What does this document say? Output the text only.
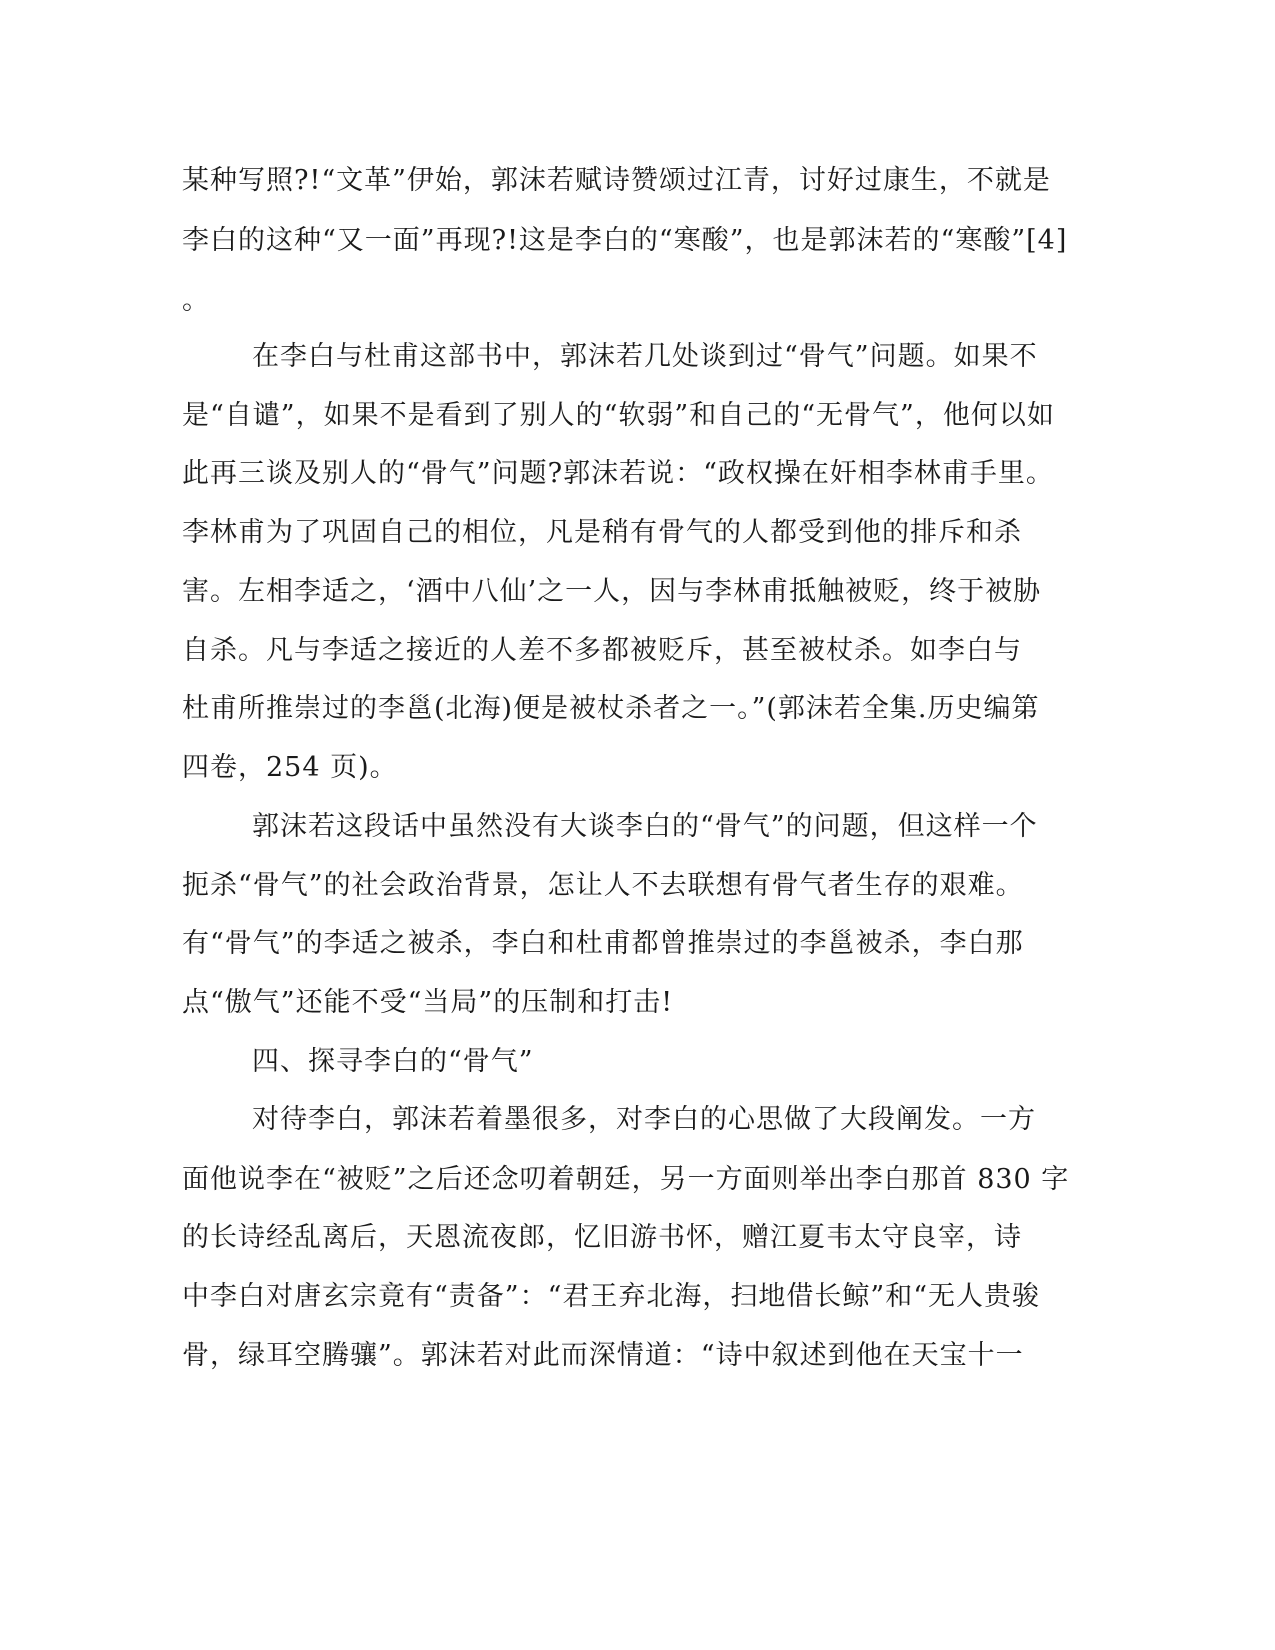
某种写照?!“文革”伊始，郭沫若赋诗赞颂过江青，讨好过康生，不就是
李白的这种“又一面”再现?!这是李白的“寒酸”，也是郭沫若的“寒酸”[4]
。
在李白与杜甫这部书中，郭沫若几处谈到过“骨气”问题。如果不
是“自谴”，如果不是看到了别人的“软弱”和自己的“无骨气”，他何以如
此再三谈及别人的“骨气”问题?郭沫若说：“政权操在奸相李林甫手里。
李林甫为了巩固自己的相位，凡是稍有骨气的人都受到他的排斥和杀
害。左相李适之，‘酒中八仙’之一人，因与李林甫抵触被贬，终于被胁
自杀。凡与李适之接近的人差不多都被贬斥，甚至被杖杀。如李白与
杜甫所推崇过的李邕(北海)便是被杖杀者之一。”(郭沫若全集.历史编第
四卷，254 页)。
郭沫若这段话中虽然没有大谈李白的“骨气”的问题，但这样一个
扼杀“骨气”的社会政治背景，怎让人不去联想有骨气者生存的艰难。
有“骨气”的李适之被杀，李白和杜甫都曾推崇过的李邕被杀，李白那
点“傲气”还能不受“当局”的压制和打击!
四、探寻李白的“骨气”
对待李白，郭沫若着墨很多，对李白的心思做了大段阐发。一方
面他说李在“被贬”之后还念叨着朝廷，另一方面则举出李白那首 830 字
的长诗经乱离后，天恩流夜郎，忆旧游书怀，赠江夏韦太守良宰，诗
中李白对唐玄宗竟有“责备”：“君王弃北海，扫地借长鲸”和“无人贵骏
骨，绿耳空腾骧”。郭沫若对此而深情道：“诗中叙述到他在天宝十一
